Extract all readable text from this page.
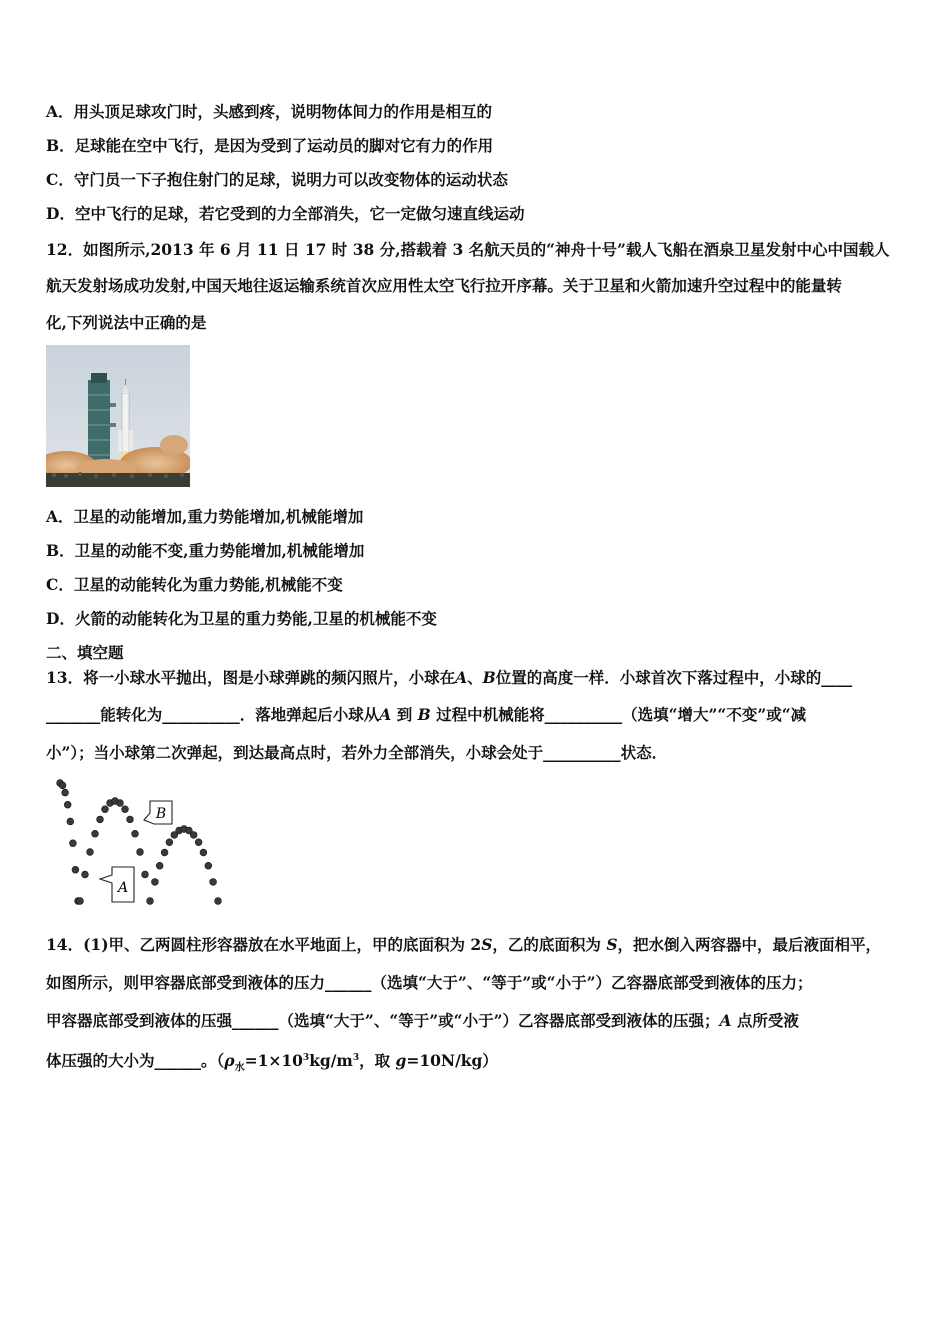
A．用头顶足球攻门时，头感到疼，说明物体间力的作用是相互的
B．足球能在空中飞行，是因为受到了运动员的脚对它有力的作用
C．守门员一下子抱住射门的足球，说明力可以改变物体的运动状态
D．空中飞行的足球，若它受到的力全部消失，它一定做匀速直线运动
12．如图所示,2013 年 6 月 11 日 17 时 38 分,搭载着 3 名航天员的“神舟十号”载人飞船在酒泉卫星发射中心中国载人
航天发射场成功发射,中国天地往返运输系统首次应用性太空飞行拉开序幕。关于卫星和火箭加速升空过程中的能量转
化,下列说法中正确的是
A．卫星的动能增加,重力势能增加,机械能增加
B．卫星的动能不变,重力势能增加,机械能增加
C．卫星的动能转化为重力势能,机械能不变
D．火箭的动能转化为卫星的重力势能,卫星的机械能不变
二、填空题
13．将一小球水平抛出，图是小球弹跳的频闪照片，小球在A、B位置的高度一样．小球首次下落过程中，小球的____
_______能转化为__________．落地弹起后小球从A 到 B 过程中机械能将__________（选填“增大”“不变”或“减
小”）；当小球第二次弹起，到达最高点时，若外力全部消失，小球会处于__________状态．
A
B
14．(1)甲、乙两圆柱形容器放在水平地面上，甲的底面积为 2S，乙的底面积为 S，把水倒入两容器中，最后液面相平，
如图所示，则甲容器底部受到液体的压力______（选填“大于”、“等于”或“小于”）乙容器底部受到液体的压力；
甲容器底部受到液体的压强______（选填“大于”、“等于”或“小于”）乙容器底部受到液体的压强；A 点所受液
体压强的大小为______。（$\rho_水=1\times 10^3kg/m^3$，取 g=10N/kg）
